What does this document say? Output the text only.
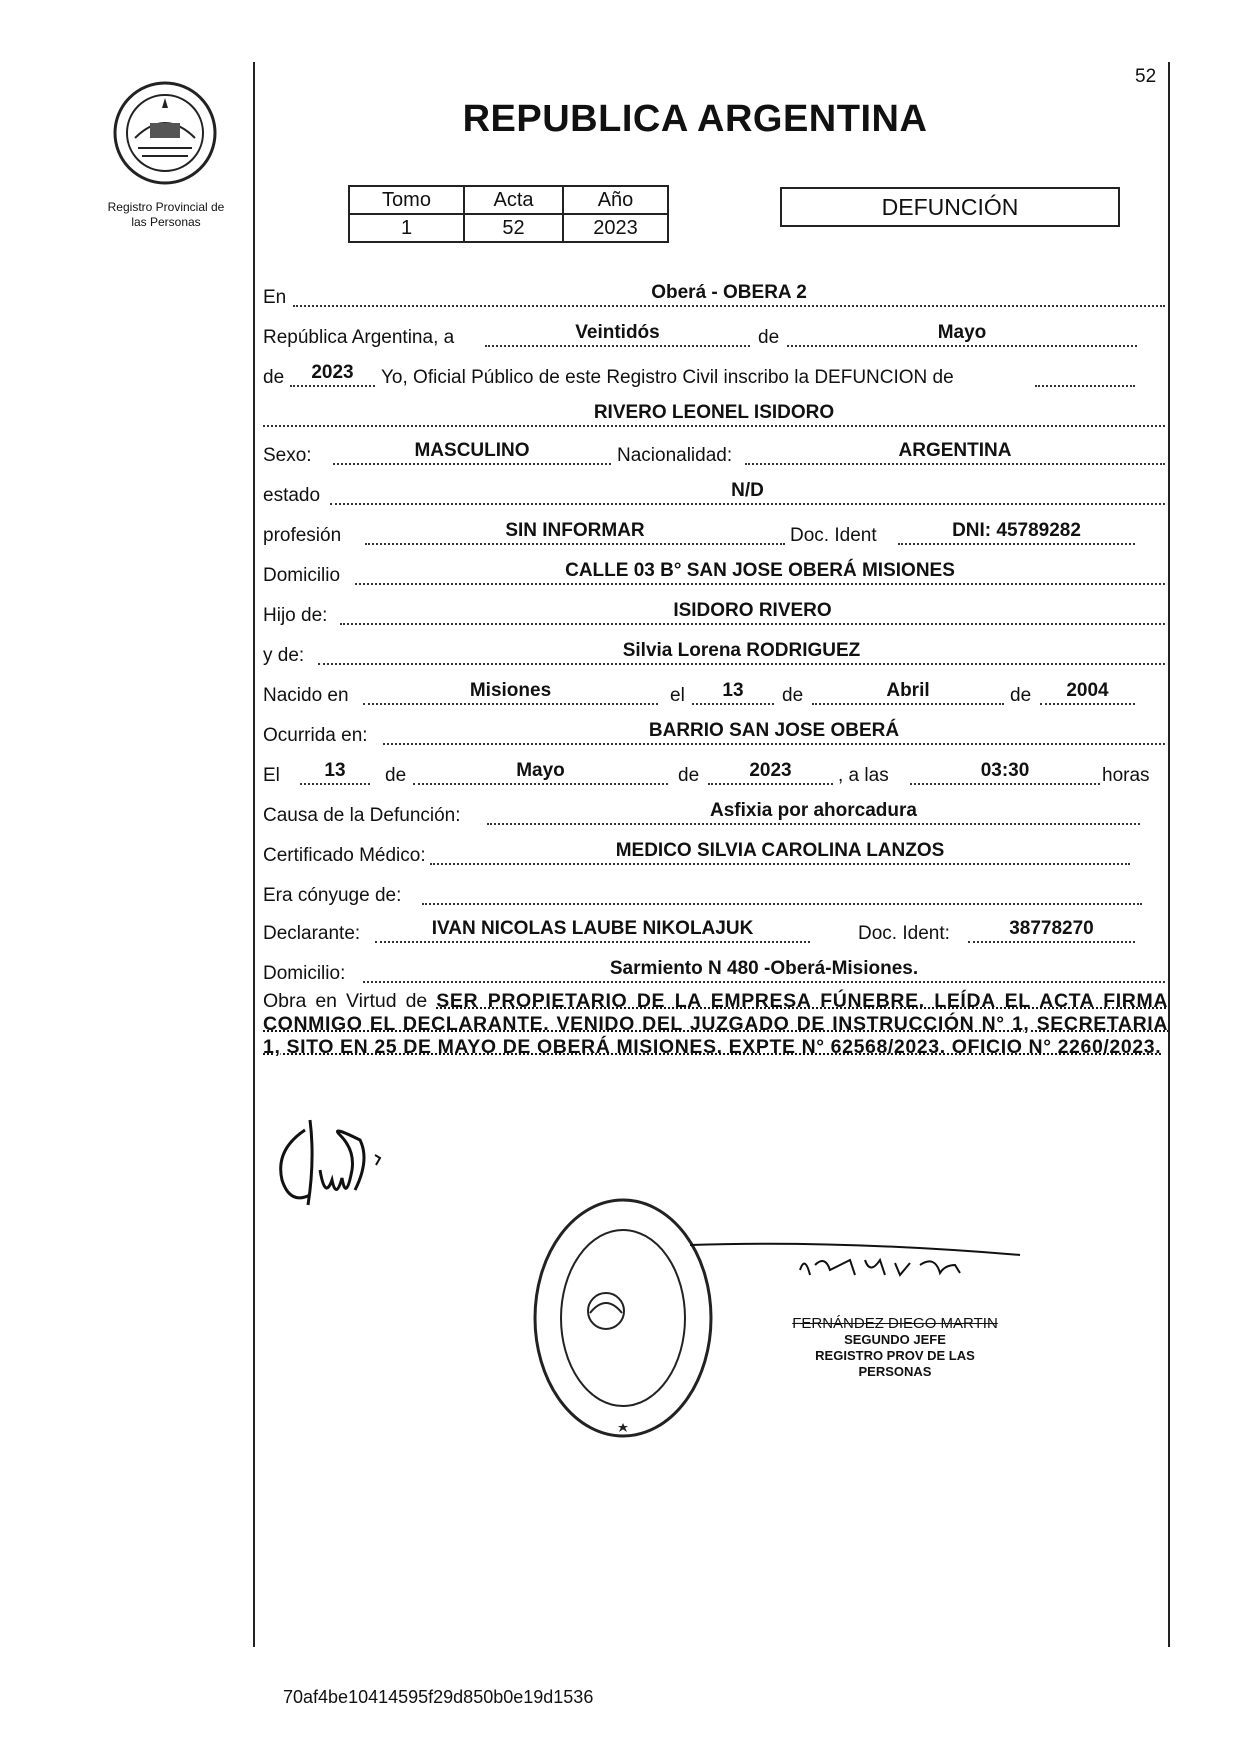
52
Registro Provincial de
las Personas
REPUBLICA ARGENTINA
Tomo	Acta	Año
1	52	2023
DEFUNCIÓN
En	Oberá - OBERA 2
República Argentina, a	Veintidós	de	Mayo
de	2023	Yo, Oficial Público de este Registro Civil inscribo la DEFUNCION de
RIVERO LEONEL ISIDORO
Sexo:	MASCULINO	Nacionalidad:	ARGENTINA
estado	N/D
profesión	SIN INFORMAR	Doc. Ident	DNI: 45789282
Domicilio	CALLE 03 B° SAN JOSE OBERÁ MISIONES
Hijo de:	ISIDORO RIVERO
y de:	Silvia Lorena RODRIGUEZ
Nacido en	Misiones	el	13	de	Abril	de	2004
Ocurrida en:	BARRIO SAN JOSE OBERÁ
El	13	de	Mayo	de	2023	, a las	03:30	horas
Causa de la Defunción:	Asfixia por ahorcadura
Certificado Médico:	MEDICO SILVIA CAROLINA LANZOS
Era cónyuge de:
Declarante:	IVAN NICOLAS LAUBE NIKOLAJUK	Doc. Ident:	38778270
Domicilio:	Sarmiento N 480 -Oberá-Misiones.
Obra en Virtud de SER PROPIETARIO DE LA EMPRESA FÚNEBRE. LEÍDA EL ACTA FIRMA CONMIGO EL DECLARANTE. VENIDO DEL JUZGADO DE INSTRUCCIÓN N° 1, SECRETARIA 1, SITO EN 25 DE MAYO DE OBERÁ MISIONES. EXPTE N° 62568/2023. OFICIO N° 2260/2023.
FERNÁNDEZ DIEGO MARTIN
SEGUNDO JEFE
REGISTRO PROV DE LAS PERSONAS
70af4be10414595f29d850b0e19d1536
